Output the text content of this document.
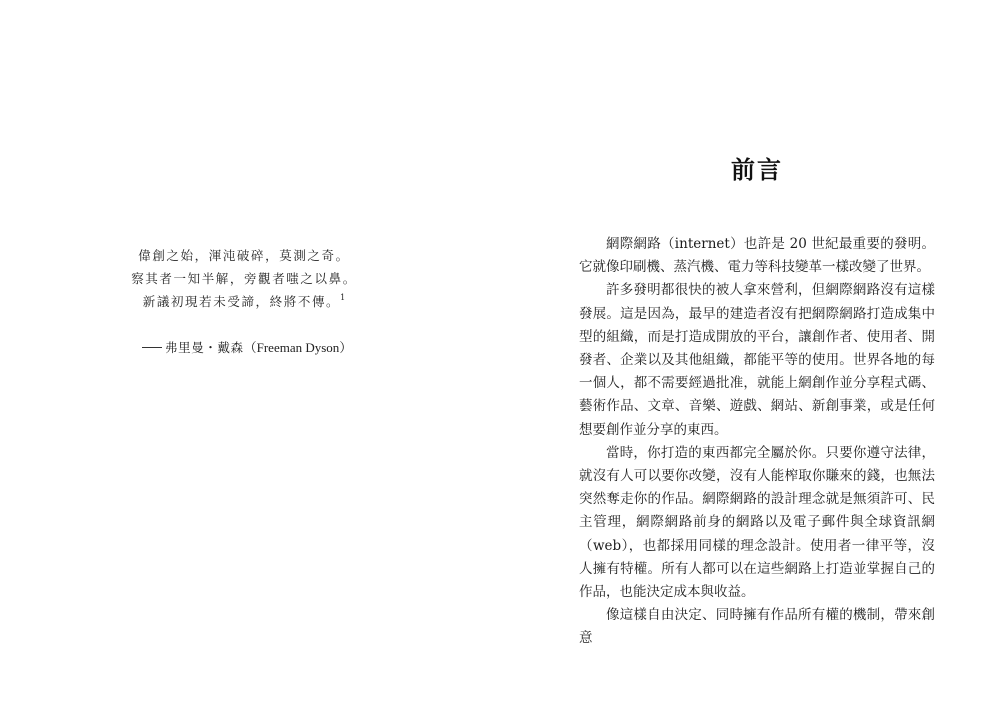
偉創之始，渾沌破碎，莫測之奇。
察其者一知半解，旁觀者嗤之以鼻。
新議初現若未受諦，終將不傳。$^1$
弗里曼・戴森（Freeman Dyson）
前言

網際網路（internet）也許是 20 世紀最重要的發明。它就像印刷機、蒸汽機、電力等科技變革一樣改變了世界。

許多發明都很快的被人拿來營利，但網際網路沒有這樣發展。這是因為，最早的建造者沒有把網際網路打造成集中型的組織，而是打造成開放的平台，讓創作者、使用者、開發者、企業以及其他組織，都能平等的使用。世界各地的每一個人，都不需要經過批准，就能上網創作並分享程式碼、藝術作品、文章、音樂、遊戲、網站、新創事業，或是任何想要創作並分享的東西。

當時，你打造的東西都完全屬於你。只要你遵守法律，就沒有人可以要你改變，沒有人能榨取你賺來的錢，也無法突然奪走你的作品。網際網路的設計理念就是無須許可、民主管理，網際網路前身的網路以及電子郵件與全球資訊網（web），也都採用同樣的理念設計。使用者一律平等，沒人擁有特權。所有人都可以在這些網路上打造並掌握自己的作品，也能決定成本與收益。

像這樣自由決定、同時擁有作品所有權的機制，帶來創意
